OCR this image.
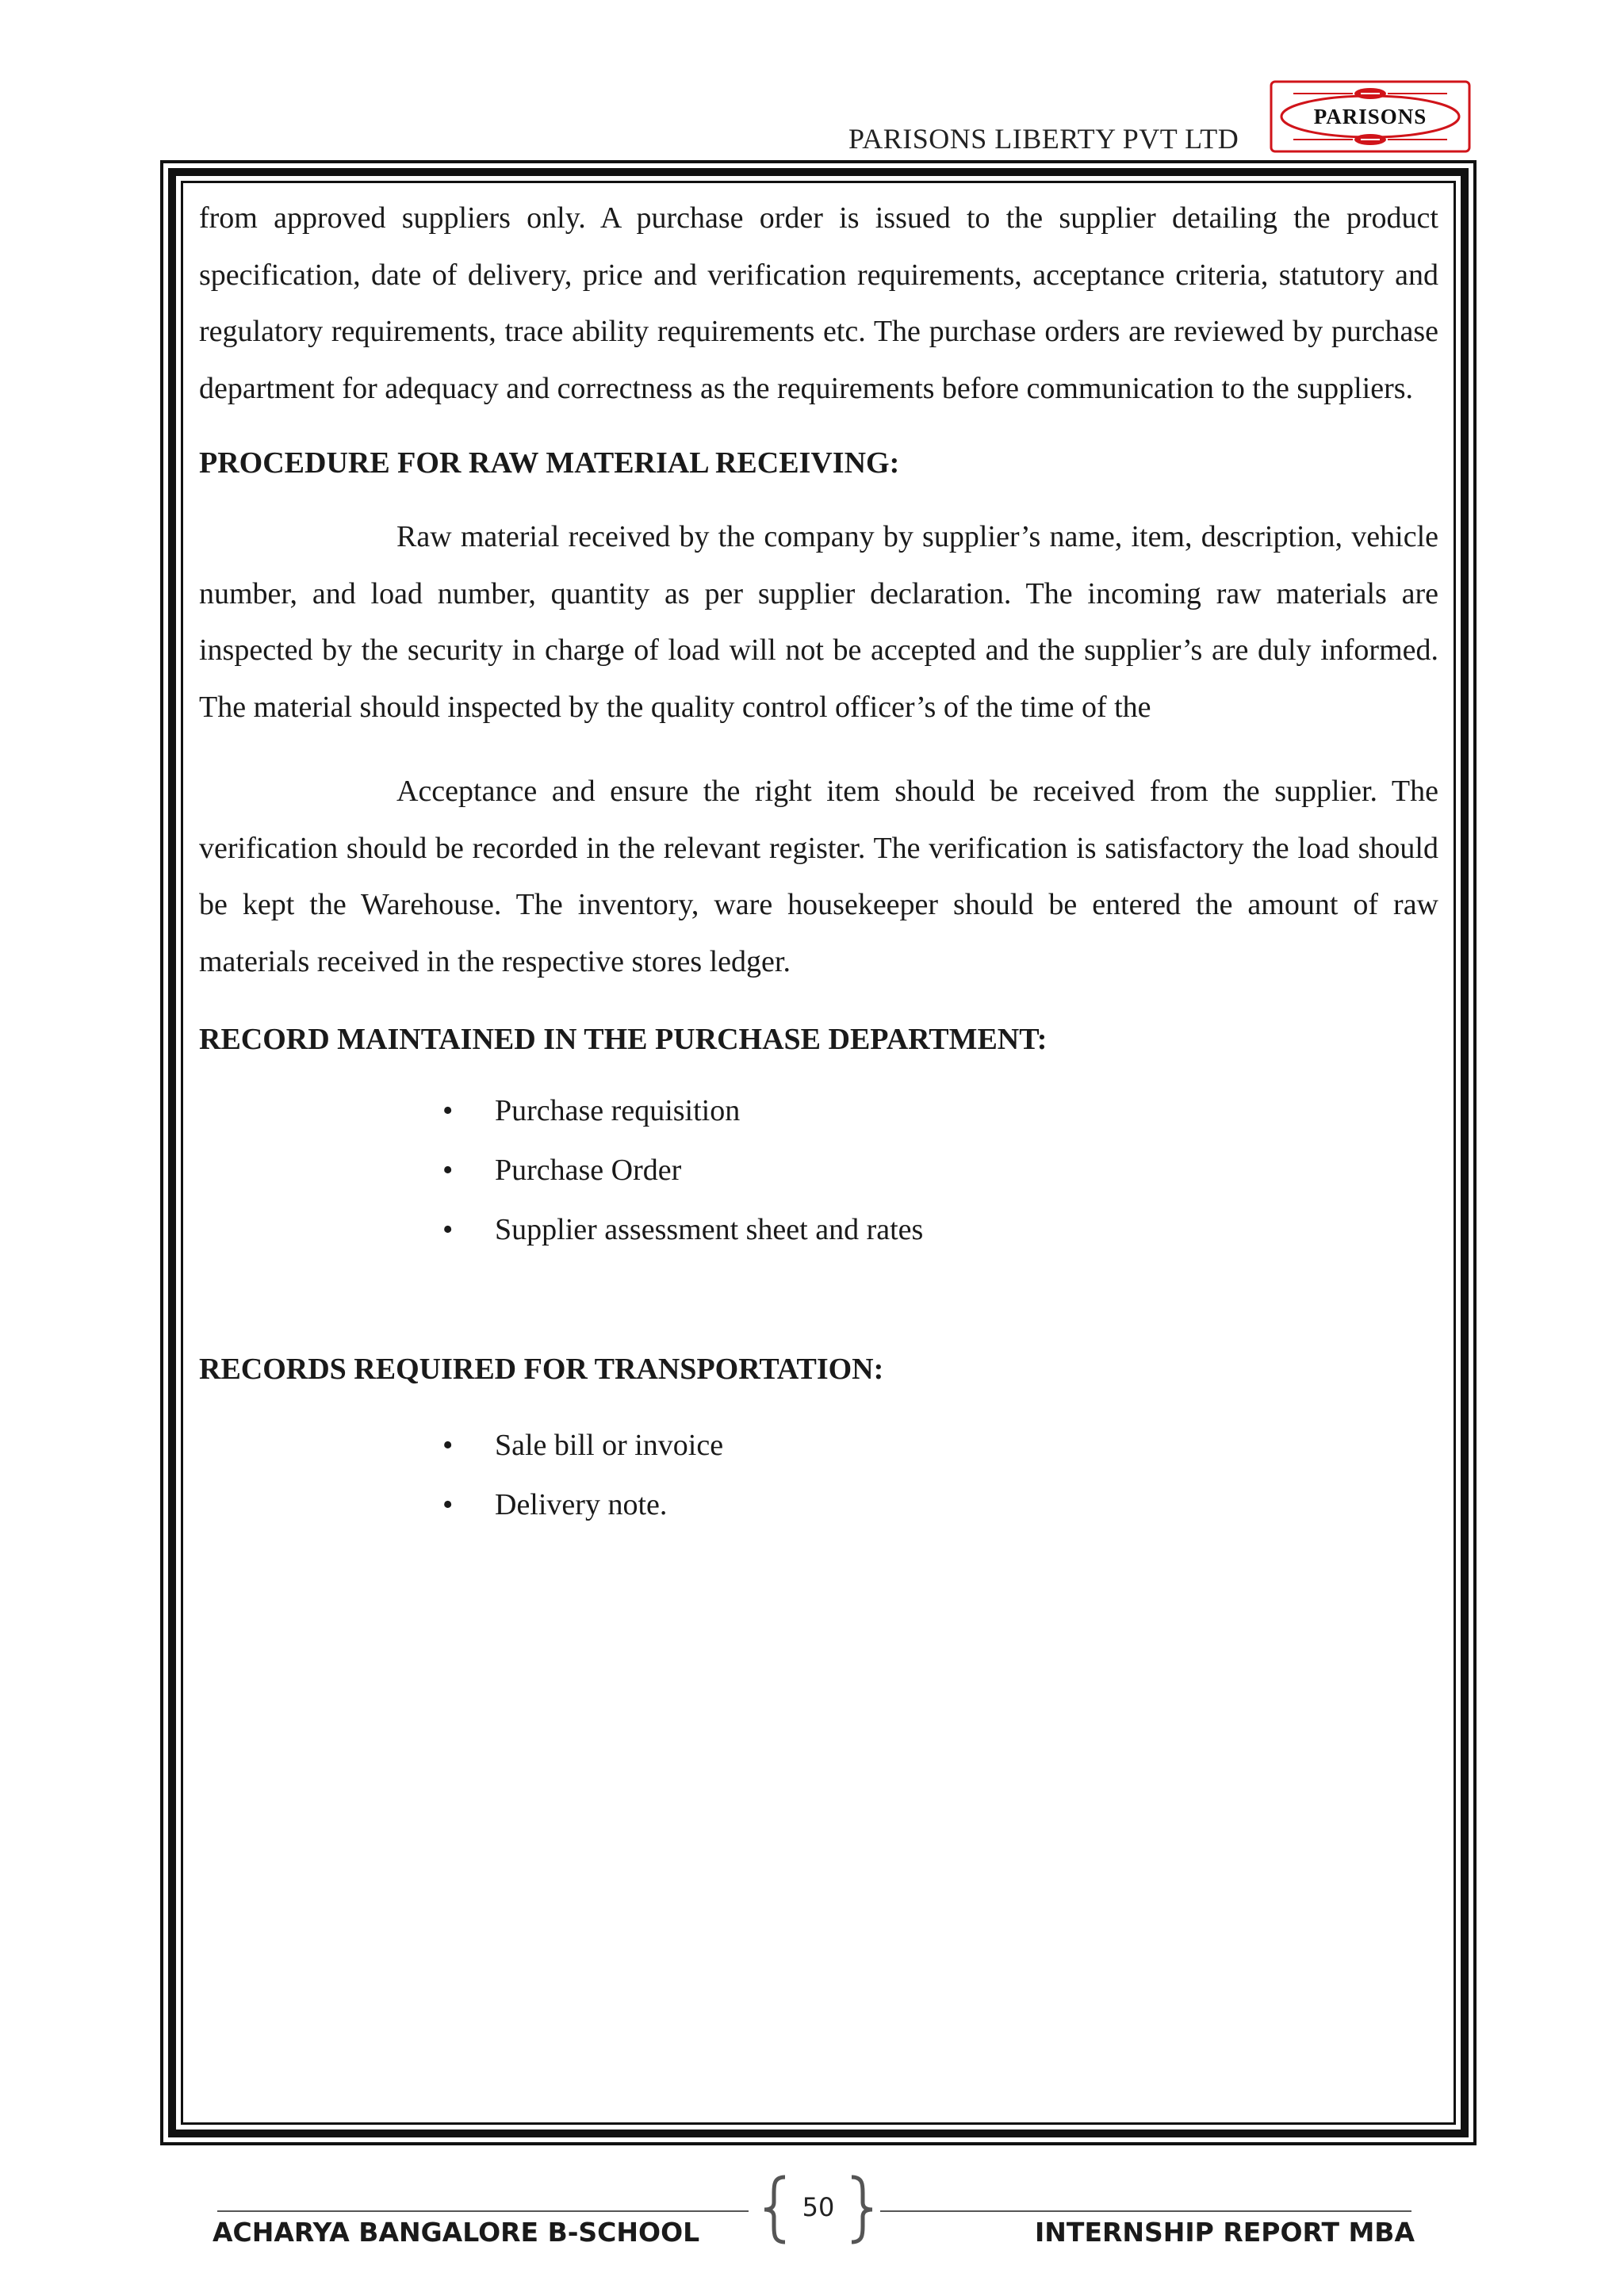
PARISONS LIBERTY PVT LTD
PARISONS

from approved suppliers only. A purchase order is issued to the supplier detailing the product specification, date of delivery, price and verification requirements, acceptance criteria, statutory and regulatory requirements, trace ability requirements etc. The purchase orders are reviewed by purchase department for adequacy and correctness as the requirements before communication to the suppliers.

PROCEDURE FOR RAW MATERIAL RECEIVING:

Raw material received by the company by supplier’s name, item, description, vehicle number, and load number, quantity as per supplier declaration. The incoming raw materials are inspected by the security in charge of load will not be accepted and the supplier’s are duly informed. The material should inspected by the quality control officer’s of the time of the

Acceptance and ensure the right item should be received from the supplier. The verification should be recorded in the relevant register. The verification is satisfactory the load should be kept the Warehouse. The inventory, ware housekeeper should be entered the amount of raw materials received in the respective stores ledger.

RECORD MAINTAINED IN THE PURCHASE DEPARTMENT:
• Purchase requisition
• Purchase Order
• Supplier assessment sheet and rates
RECORDS REQUIRED FOR TRANSPORTATION:
• Sale bill or invoice
• Delivery note.
50
ACHARYA BANGALORE B-SCHOOL	INTERNSHIP REPORT MBA
